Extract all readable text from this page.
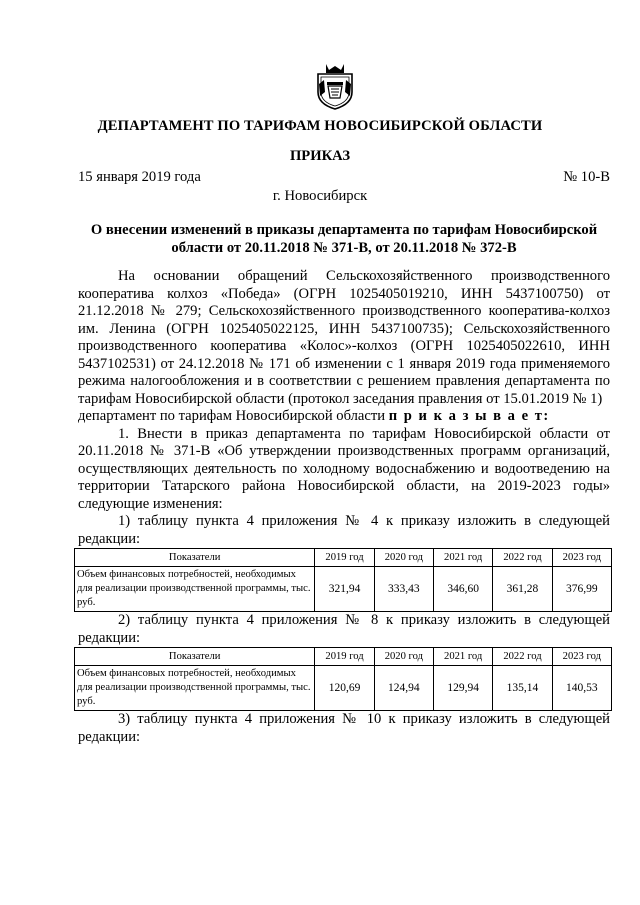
ДЕПАРТАМЕНТ ПО ТАРИФАМ НОВОСИБИРСКОЙ ОБЛАСТИ
ПРИКАЗ
15 января 2019 года	№ 10-В
г. Новосибирск
О внесении изменений в приказы департамента по тарифам Новосибирской области от 20.11.2018 № 371-В, от 20.11.2018 № 372-В

На основании обращений Сельскохозяйственного производственного кооператива колхоз «Победа» (ОГРН 1025405019210, ИНН 5437100750) от 21.12.2018 № 279; Сельскохозяйственного производственного кооператива-колхоз им. Ленина (ОГРН 1025405022125, ИНН 5437100735); Сельскохозяйственного производственного кооператива «Колос»-колхоз (ОГРН 1025405022610, ИНН 5437102531) от 24.12.2018 № 171 об изменении с 1 января 2019 года применяемого режима налогообложения и в соответствии с решением правления департамента по тарифам Новосибирской области (протокол заседания правления от 15.01.2019 № 1)

департамент по тарифам Новосибирской области п р и к а з ы в а е т:

1. Внести в приказ департамента по тарифам Новосибирской области от 20.11.2018 № 371-В «Об утверждении производственных программ организаций, осуществляющих деятельность по холодному водоснабжению и водоотведению на территории Татарского района Новосибирской области, на 2019-2023 годы» следующие изменения:

1) таблицу пункта 4 приложения № 4 к приказу изложить в следующей

редакции:

Показатели	2019 год	2020 год	2021 год	2022 год	2023 год
Объем финансовых потребностей, необходимых для реализации производственной программы, тыс. руб.	321,94	333,43	346,60	361,28	376,99

2) таблицу пункта 4 приложения № 8 к приказу изложить в следующей

редакции:

Показатели	2019 год	2020 год	2021 год	2022 год	2023 год
Объем финансовых потребностей, необходимых для реализации производственной программы, тыс. руб.	120,69	124,94	129,94	135,14	140,53

3) таблицу пункта 4 приложения № 10 к приказу изложить в следующей

редакции:
